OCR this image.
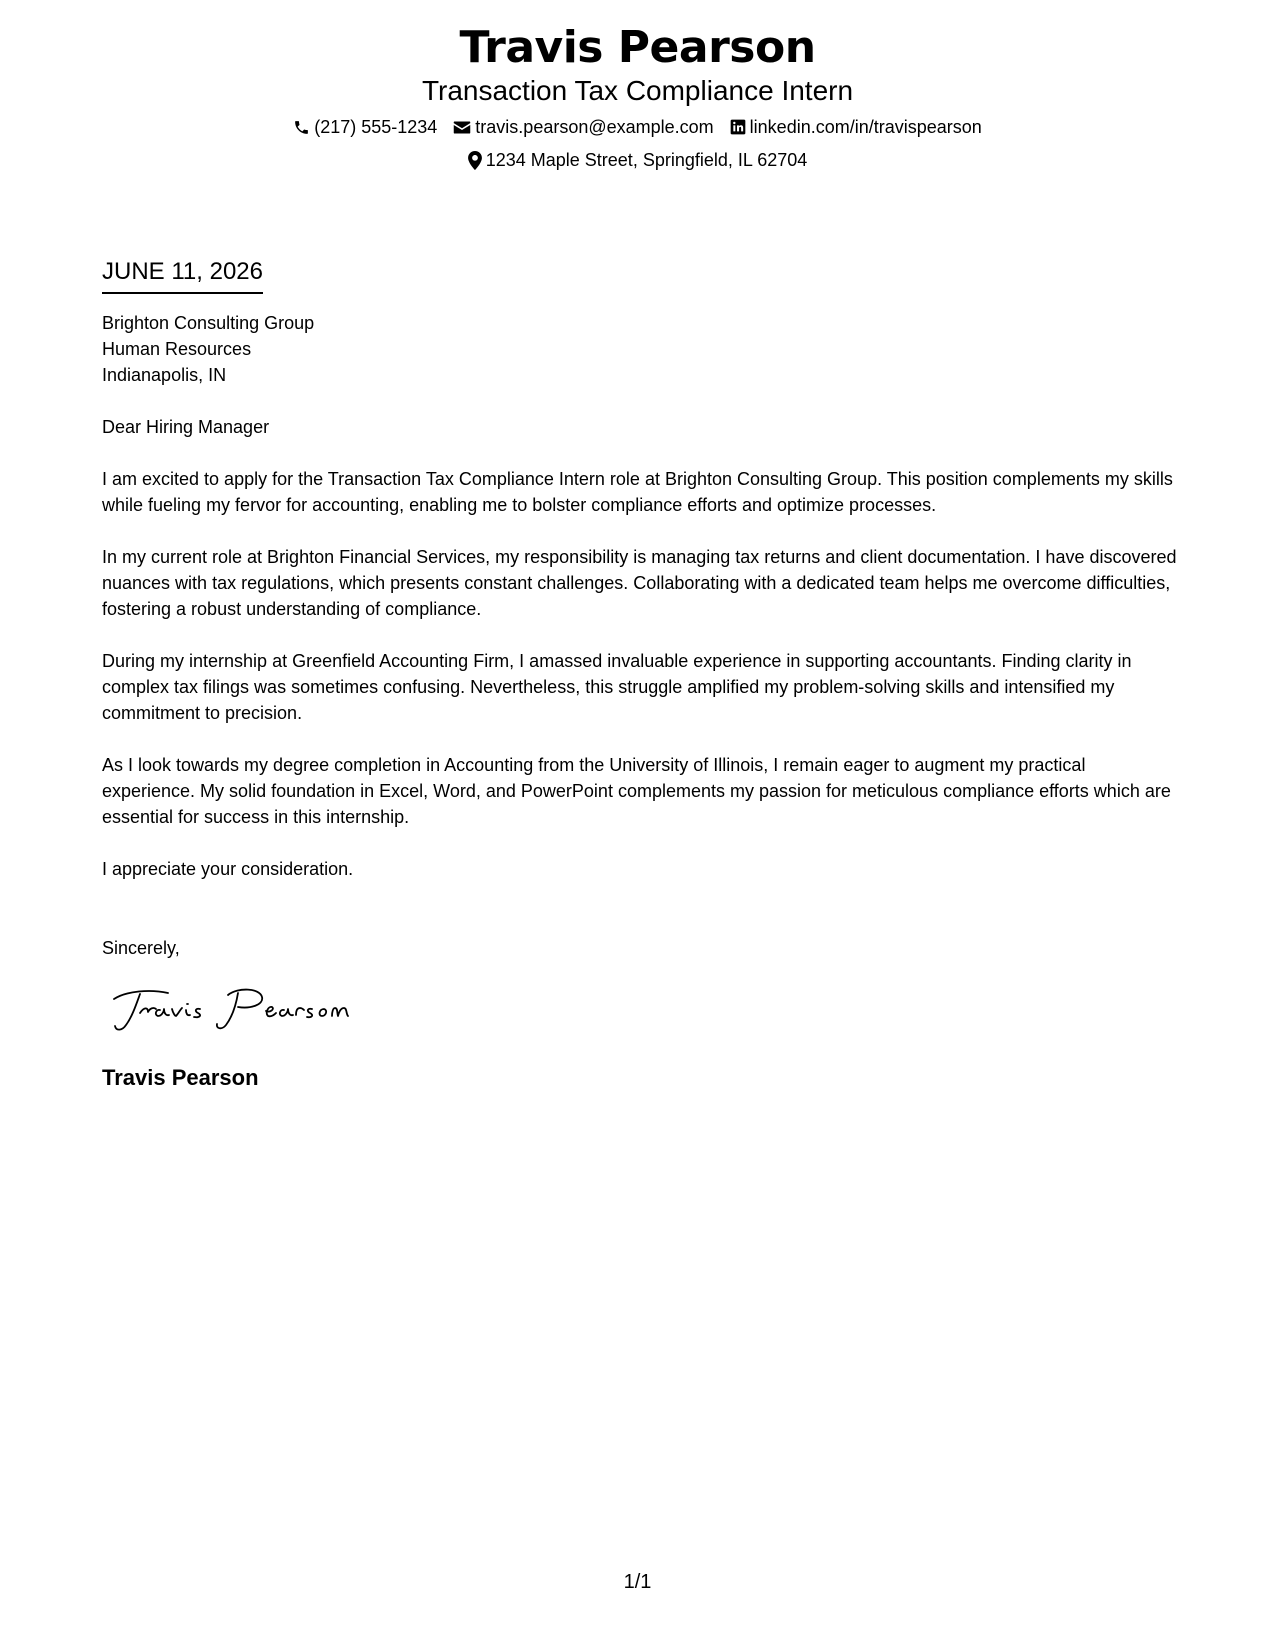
Travis Pearson
Transaction Tax Compliance Intern
(217) 555-1234 travis.pearson@example.com linkedin.com/in/travispearson
1234 Maple Street, Springfield, IL 62704
JUNE 11, 2026
Brighton Consulting Group
Human Resources
Indianapolis, IN
Dear Hiring Manager
I am excited to apply for the Transaction Tax Compliance Intern role at Brighton Consulting Group. This position complements my skills while fueling my fervor for accounting, enabling me to bolster compliance efforts and optimize processes.
In my current role at Brighton Financial Services, my responsibility is managing tax returns and client documentation. I have discovered nuances with tax regulations, which presents constant challenges. Collaborating with a dedicated team helps me overcome difficulties, fostering a robust understanding of compliance.
During my internship at Greenfield Accounting Firm, I amassed invaluable experience in supporting accountants. Finding clarity in complex tax filings was sometimes confusing. Nevertheless, this struggle amplified my problem-solving skills and intensified my commitment to precision.
As I look towards my degree completion in Accounting from the University of Illinois, I remain eager to augment my practical experience. My solid foundation in Excel, Word, and PowerPoint complements my passion for meticulous compliance efforts which are essential for success in this internship.
I appreciate your consideration.
Sincerely,
Travis Pearson
1/1
